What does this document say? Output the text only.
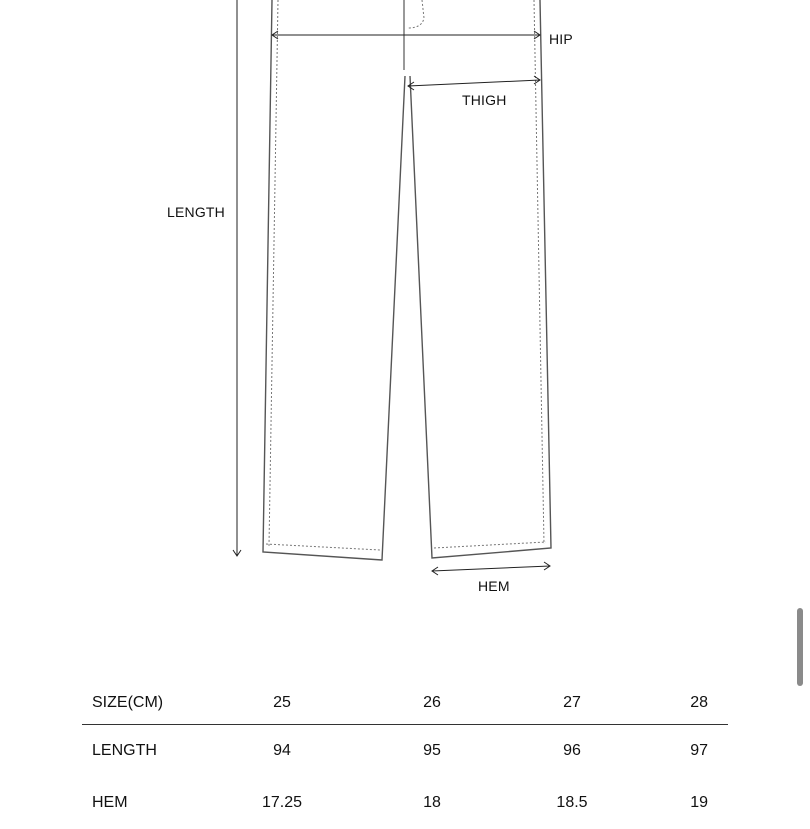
HIP
THIGH
LENGTH
HEM
SIZE(CM)	25	26	27	28
LENGTH	94	95	96	97
HEM	17.25	18	18.5	19
